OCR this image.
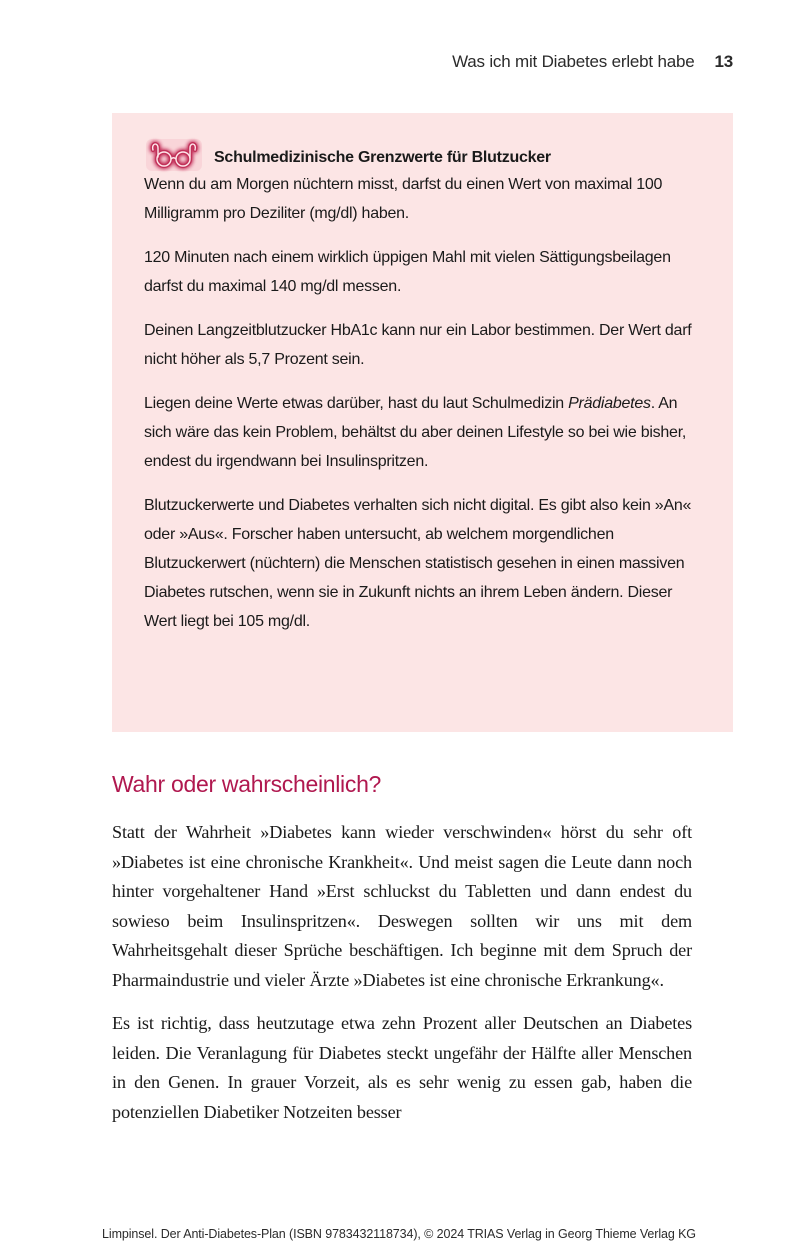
Was ich mit Diabetes erlebt habe 13
Schulmedizinische Grenzwerte für Blutzucker

Wenn du am Morgen nüchtern misst, darfst du einen Wert von maximal 100 Milligramm pro Deziliter (mg/dl) haben.

120 Minuten nach einem wirklich üppigen Mahl mit vielen Sättigungsbeilagen darfst du maximal 140 mg/dl messen.

Deinen Langzeitblutzucker HbA1c kann nur ein Labor bestimmen. Der Wert darf nicht höher als 5,7 Prozent sein.

Liegen deine Werte etwas darüber, hast du laut Schulmedizin Prädiabetes. An sich wäre das kein Problem, behältst du aber deinen Lifestyle so bei wie bisher, endest du irgendwann bei Insulinspritzen.

Blutzuckerwerte und Diabetes verhalten sich nicht digital. Es gibt also kein »An« oder »Aus«. Forscher haben untersucht, ab welchem morgendlichen Blutzuckerwert (nüchtern) die Menschen statistisch gesehen in einen massiven Diabetes rutschen, wenn sie in Zukunft nichts an ihrem Leben ändern. Dieser Wert liegt bei 105 mg/dl.

Wahr oder wahrscheinlich?

Statt der Wahrheit »Diabetes kann wieder verschwinden« hörst du sehr oft »Diabetes ist eine chronische Krankheit«. Und meist sagen die Leute dann noch hinter vorgehaltener Hand »Erst schluckst du Tabletten und dann endest du sowieso beim Insulinspritzen«. Deswegen sollten wir uns mit dem Wahrheitsgehalt dieser Sprüche beschäftigen. Ich beginne mit dem Spruch der Pharmaindustrie und vieler Ärzte »Diabetes ist eine chronische Erkrankung«.

Es ist richtig, dass heutzutage etwa zehn Prozent aller Deutschen an Diabetes leiden. Die Veranlagung für Diabetes steckt ungefähr der Hälfte aller Menschen in den Genen. In grauer Vorzeit, als es sehr wenig zu essen gab, haben die potenziellen Diabetiker Notzeiten besser

Limpinsel. Der Anti-Diabetes-Plan (ISBN 9783432118734), © 2024 TRIAS Verlag in Georg Thieme Verlag KG
